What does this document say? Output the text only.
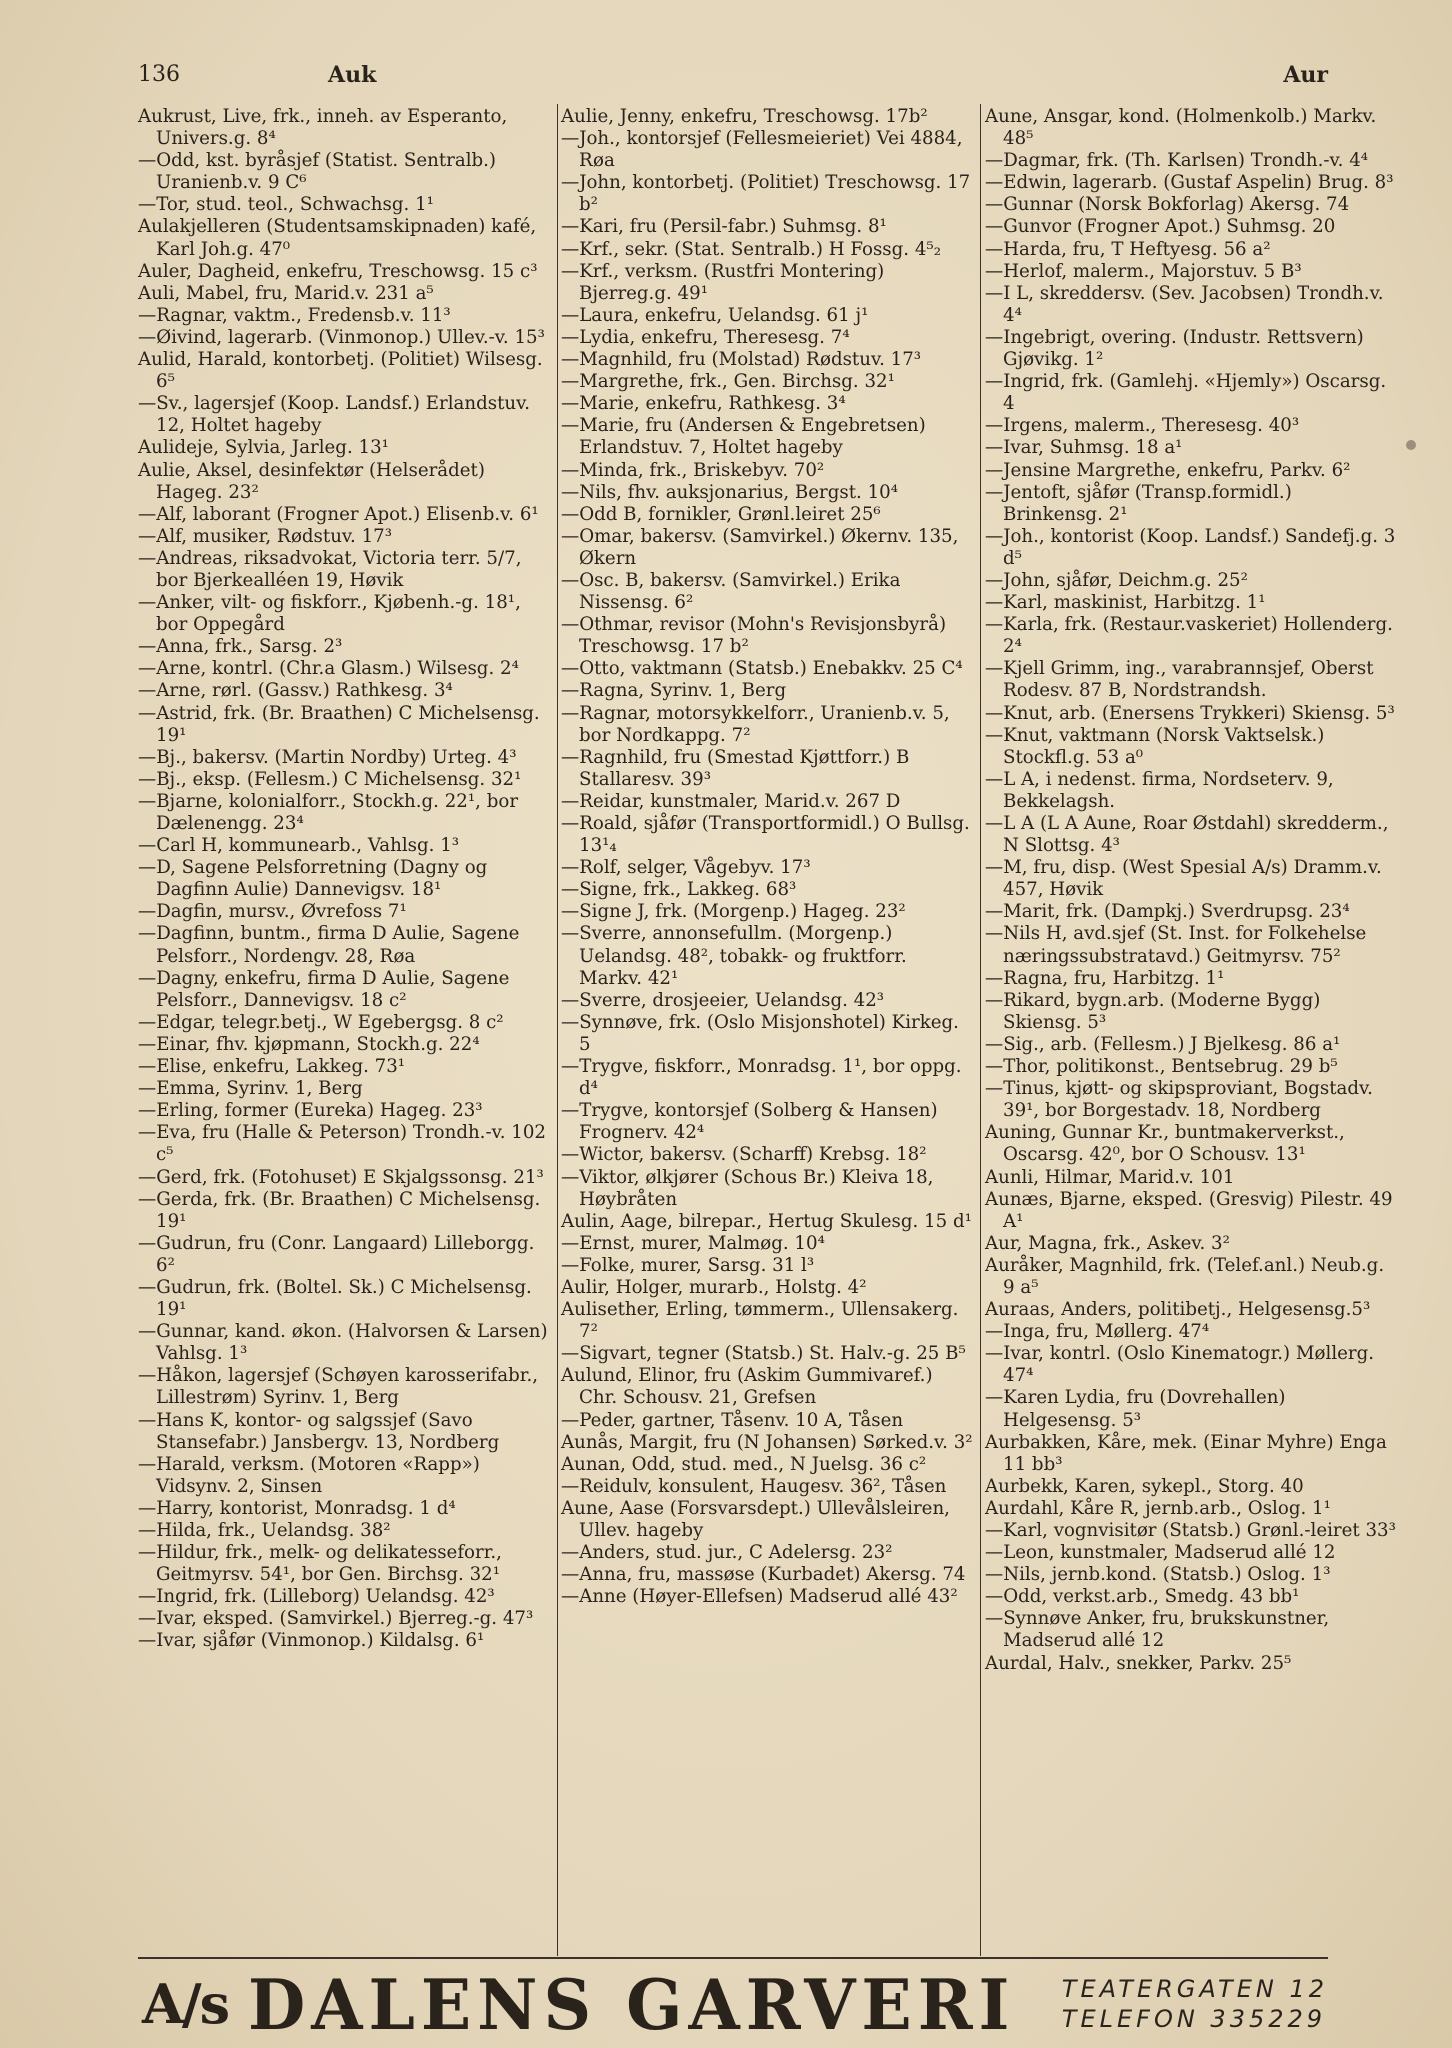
136	Auk	Aur
Aukrust, Live, frk., inneh. av Esperanto, Univers.g. 8⁴
—Odd, kst. byråsjef (Statist. Sentralb.) Uranienb.v. 9 C⁶
—Tor, stud. teol., Schwachsg. 1¹
Aulakjelleren (Studentsamskipnaden) kafé, Karl Joh.g. 47⁰
Auler, Dagheid, enkefru, Treschowsg. 15 c³
Auli, Mabel, fru, Marid.v. 231 a⁵
—Ragnar, vaktm., Fredensb.v. 11³
—Øivind, lagerarb. (Vinmonop.) Ullev.-v. 15³
Aulid, Harald, kontorbetj. (Politiet) Wilsesg. 6⁵
—Sv., lagersjef (Koop. Landsf.) Erlandstuv. 12, Holtet hageby
Aulideje, Sylvia, Jarleg. 13¹
Aulie, Aksel, desinfektør (Helserådet) Hageg. 23²
—Alf, laborant (Frogner Apot.) Elisenb.v. 6¹
—Alf, musiker, Rødstuv. 17³
—Andreas, riksadvokat, Victoria terr. 5/7, bor Bjerkealléen 19, Høvik
—Anker, vilt- og fiskforr., Kjøbenh.-g. 18¹, bor Oppegård
—Anna, frk., Sarsg. 2³
—Arne, kontrl. (Chr.a Glasm.) Wilsesg. 2⁴
—Arne, rørl. (Gassv.) Rathkesg. 3⁴
—Astrid, frk. (Br. Braathen) C Michelsensg. 19¹
—Bj., bakersv. (Martin Nordby) Urteg. 4³
—Bj., eksp. (Fellesm.) C Michelsensg. 32¹
—Bjarne, kolonialforr., Stockh.g. 22¹, bor Dælenengg. 23⁴
—Carl H, kommunearb., Vahlsg. 1³
—D, Sagene Pelsforretning (Dagny og Dagfinn Aulie) Dannevigsv. 18¹
—Dagfin, mursv., Øvrefoss 7¹
—Dagfinn, buntm., firma D Aulie, Sagene Pelsforr., Nordengv. 28, Røa
—Dagny, enkefru, firma D Aulie, Sagene Pelsforr., Dannevigsv. 18 c²
—Edgar, telegr.betj., W Egebergsg. 8 c²
—Einar, fhv. kjøpmann, Stockh.g. 22⁴
—Elise, enkefru, Lakkeg. 73¹
—Emma, Syrinv. 1, Berg
—Erling, former (Eureka) Hageg. 23³
—Eva, fru (Halle & Peterson) Trondh.-v. 102 c⁵
—Gerd, frk. (Fotohuset) E Skjalgssonsg. 21³
—Gerda, frk. (Br. Braathen) C Michelsensg. 19¹
—Gudrun, fru (Conr. Langaard) Lilleborgg. 6²
—Gudrun, frk. (Boltel. Sk.) C Michelsensg. 19¹
—Gunnar, kand. økon. (Halvorsen & Larsen) Vahlsg. 1³
—Håkon, lagersjef (Schøyen karosserifabr., Lillestrøm) Syrinv. 1, Berg
—Hans K, kontor- og salgssjef (Savo Stansefabr.) Jansbergv. 13, Nordberg
—Harald, verksm. (Motoren «Rapp») Vidsynv. 2, Sinsen
—Harry, kontorist, Monradsg. 1 d⁴
—Hilda, frk., Uelandsg. 38²
—Hildur, frk., melk- og delikatesseforr., Geitmyrsv. 54¹, bor Gen. Birchsg. 32¹
—Ingrid, frk. (Lilleborg) Uelandsg. 42³
—Ivar, eksped. (Samvirkel.) Bjerreg.-g. 47³
—Ivar, sjåfør (Vinmonop.) Kildalsg. 6¹
Aulie, Jenny, enkefru, Treschowsg. 17b²
—Joh., kontorsjef (Fellesmeieriet) Vei 4884, Røa
—John, kontorbetj. (Politiet) Treschowsg. 17 b²
—Kari, fru (Persil-fabr.) Suhmsg. 8¹
—Krf., sekr. (Stat. Sentralb.) H Fossg. 4⁵₂
—Krf., verksm. (Rustfri Montering) Bjerreg.g. 49¹
—Laura, enkefru, Uelandsg. 61 j¹
—Lydia, enkefru, Theresesg. 7⁴
—Magnhild, fru (Molstad) Rødstuv. 17³
—Margrethe, frk., Gen. Birchsg. 32¹
—Marie, enkefru, Rathkesg. 3⁴
—Marie, fru (Andersen & Engebretsen) Erlandstuv. 7, Holtet hageby
—Minda, frk., Briskebyv. 70²
—Nils, fhv. auksjonarius, Bergst. 10⁴
—Odd B, fornikler, Grønl.leiret 25⁶
—Omar, bakersv. (Samvirkel.) Økernv. 135, Økern
—Osc. B, bakersv. (Samvirkel.) Erika Nissensg. 6²
—Othmar, revisor (Mohn's Revisjonsbyrå) Treschowsg. 17 b²
—Otto, vaktmann (Statsb.) Enebakkv. 25 C⁴
—Ragna, Syrinv. 1, Berg
—Ragnar, motorsykkelforr., Uranienb.v. 5, bor Nordkappg. 7²
—Ragnhild, fru (Smestad Kjøttforr.) B Stallaresv. 39³
—Reidar, kunstmaler, Marid.v. 267 D
—Roald, sjåfør (Transportformidl.) O Bullsg. 13¹₄
—Rolf, selger, Vågebyv. 17³
—Signe, frk., Lakkeg. 68³
—Signe J, frk. (Morgenp.) Hageg. 23²
—Sverre, annonsefullm. (Morgenp.) Uelandsg. 48², tobakk- og fruktforr. Markv. 42¹
—Sverre, drosjeeier, Uelandsg. 42³
—Synnøve, frk. (Oslo Misjonshotel) Kirkeg. 5
—Trygve, fiskforr., Monradsg. 1¹, bor oppg. d⁴
—Trygve, kontorsjef (Solberg & Hansen) Frognerv. 42⁴
—Wictor, bakersv. (Scharff) Krebsg. 18²
—Viktor, ølkjører (Schous Br.) Kleiva 18, Høybråten
Aulin, Aage, bilrepar., Hertug Skulesg. 15 d¹
—Ernst, murer, Malmøg. 10⁴
—Folke, murer, Sarsg. 31 l³
Aulir, Holger, murarb., Holstg. 4²
Aulisether, Erling, tømmerm., Ullensakerg. 7²
—Sigvart, tegner (Statsb.) St. Halv.-g. 25 B⁵
Aulund, Elinor, fru (Askim Gummivaref.) Chr. Schousv. 21, Grefsen
—Peder, gartner, Tåsenv. 10 A, Tåsen
Aunås, Margit, fru (N Johansen) Sørked.v. 3²
Aunan, Odd, stud. med., N Juelsg. 36 c²
—Reidulv, konsulent, Haugesv. 36², Tåsen
Aune, Aase (Forsvarsdept.) Ullevålsleiren, Ullev. hageby
—Anders, stud. jur., C Adelersg. 23²
—Anna, fru, massøse (Kurbadet) Akersg. 74
—Anne (Høyer-Ellefsen) Madserud allé 43²
Aune, Ansgar, kond. (Holmenkolb.) Markv. 48⁵
—Dagmar, frk. (Th. Karlsen) Trondh.-v. 4⁴
—Edwin, lagerarb. (Gustaf Aspelin) Brug. 8³
—Gunnar (Norsk Bokforlag) Akersg. 74
—Gunvor (Frogner Apot.) Suhmsg. 20
—Harda, fru, T Heftyesg. 56 a²
—Herlof, malerm., Majorstuv. 5 B³
—I L, skreddersv. (Sev. Jacobsen) Trondh.v. 4⁴
—Ingebrigt, overing. (Industr. Rettsvern) Gjøvikg. 1²
—Ingrid, frk. (Gamlehj. «Hjemly») Oscarsg. 4
—Irgens, malerm., Theresesg. 40³
—Ivar, Suhmsg. 18 a¹
—Jensine Margrethe, enkefru, Parkv. 6²
—Jentoft, sjåfør (Transp.formidl.) Brinkensg. 2¹
—Joh., kontorist (Koop. Landsf.) Sandefj.g. 3 d⁵
—John, sjåfør, Deichm.g. 25²
—Karl, maskinist, Harbitzg. 1¹
—Karla, frk. (Restaur.vaskeriet) Hollenderg. 2⁴
—Kjell Grimm, ing., varabrannsjef, Oberst Rodesv. 87 B, Nordstrandsh.
—Knut, arb. (Enersens Trykkeri) Skiensg. 5³
—Knut, vaktmann (Norsk Vaktselsk.) Stockfl.g. 53 a⁰
—L A, i nedenst. firma, Nordseterv. 9, Bekkelagsh.
—L A (L A Aune, Roar Østdahl) skredderm., N Slottsg. 4³
—M, fru, disp. (West Spesial A/s) Dramm.v. 457, Høvik
—Marit, frk. (Dampkj.) Sverdrupsg. 23⁴
—Nils H, avd.sjef (St. Inst. for Folkehelse næringssubstratavd.) Geitmyrsv. 75²
—Ragna, fru, Harbitzg. 1¹
—Rikard, bygn.arb. (Moderne Bygg) Skiensg. 5³
—Sig., arb. (Fellesm.) J Bjelkesg. 86 a¹
—Thor, politikonst., Bentsebrug. 29 b⁵
—Tinus, kjøtt- og skipsproviant, Bogstadv. 39¹, bor Borgestadv. 18, Nordberg
Auning, Gunnar Kr., buntmakerverkst., Oscarsg. 42⁰, bor O Schousv. 13¹
Aunli, Hilmar, Marid.v. 101
Aunæs, Bjarne, eksped. (Gresvig) Pilestr. 49 A¹
Aur, Magna, frk., Askev. 3²
Auråker, Magnhild, frk. (Telef.anl.) Neub.g. 9 a⁵
Auraas, Anders, politibetj., Helgesensg.5³
—Inga, fru, Møllerg. 47⁴
—Ivar, kontrl. (Oslo Kinematogr.) Møllerg. 47⁴
—Karen Lydia, fru (Dovrehallen) Helgesensg. 5³
Aurbakken, Kåre, mek. (Einar Myhre) Enga 11 bb³
Aurbekk, Karen, sykepl., Storg. 40
Aurdahl, Kåre R, jernb.arb., Oslog. 1¹
—Karl, vognvisitør (Statsb.) Grønl.-leiret 33³
—Leon, kunstmaler, Madserud allé 12
—Nils, jernb.kond. (Statsb.) Oslog. 1³
—Odd, verkst.arb., Smedg. 43 bb¹
—Synnøve Anker, fru, brukskunstner, Madserud allé 12
Aurdal, Halv., snekker, Parkv. 25⁵
A/s DALENS GARVERI TEATERGATEN 12
TELEFON 335229
